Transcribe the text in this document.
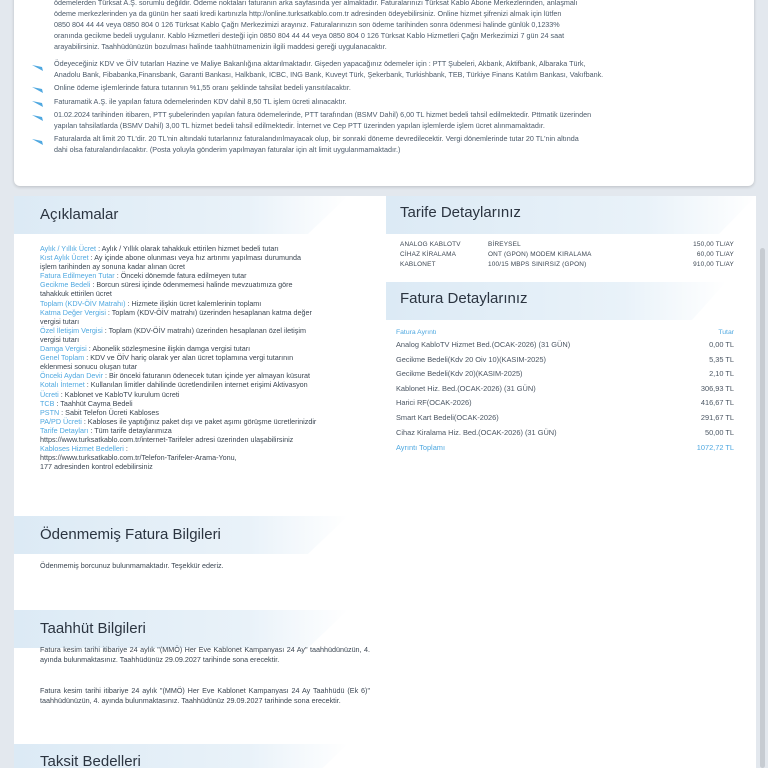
ödemelerden Türksat A.Ş. sorumlu değildir. Ödeme noktaları faturanın arka sayfasında yer almaktadır. Faturalarınızı Türksat Kablo Abone Merkezlerinden, anlaşmalı

ödeme merkezlerinden ya da günün her saati kredi kartınızla http://online.turksatkablo.com.tr adresinden ödeyebilirsiniz. Online hizmet şifrenizi almak için lütfen

0850 804 44 44 veya 0850 804 0 126 Türksat Kablo Çağrı Merkezimizi arayınız. Faturalarınızın son ödeme tarihinden sonra ödenmesi halinde günlük 0,1233%

oranında gecikme bedeli uygulanır. Kablo Hizmetleri desteği için 0850 804 44 44 veya 0850 804 0 126 Türksat Kablo Hizmetleri Çağrı Merkezimizi 7 gün 24 saat

arayabilirsiniz. Taahhüdünüzün bozulması halinde taahhütnamenizin ilgili maddesi gereği uygulanacaktır.

Ödeyeceğiniz KDV ve ÖİV tutarları Hazine ve Maliye Bakanlığına aktarılmaktadır. Gişeden yapacağınız ödemeler için : PTT Şubeleri, Akbank, Aktifbank, Albaraka Türk,

Anadolu Bank, Fibabanka,Finansbank, Garanti Bankası, Halkbank, ICBC, ING Bank, Kuveyt Türk, Şekerbank, Turkishbank, TEB, Türkiye Finans Katılım Bankası, Vakıfbank.

Online ödeme işlemlerinde fatura tutarının %1,55 oranı şeklinde tahsilat bedeli yansıtılacaktır.

Faturamatik A.Ş. ile yapılan fatura ödemelerinden KDV dahil 8,50 TL işlem ücreti alınacaktır.

01.02.2024 tarihinden itibaren, PTT şubelerinden yapılan fatura ödemelerinde, PTT tarafından (BSMV Dahil) 6,00 TL hizmet bedeli tahsil edilmektedir. Pttmatik üzerinden

yapılan tahsilatlarda (BSMV Dahil) 3,00 TL hizmet bedeli tahsil edilmektedir. İnternet ve Cep PTT üzerinden yapılan işlemlerde işlem ücret alınmamaktadır.

Faturalarda alt limit 20 TL'dir. 20 TL'nin altındaki tutarlarınız faturalandırılmayacak olup, bir sonraki döneme devredilecektir. Vergi dönemlerinde tutar 20 TL'nin altında

dahi olsa faturalandırılacaktır. (Posta yoluyla gönderim yapılmayan faturalar için alt limit uygulanmamaktadır.)

Açıklamalar
Aylık / Yıllık Ücret : Aylık / Yıllık olarak tahakkuk ettirilen hizmet bedeli tutarı
Kıst Aylık Ücret : Ay içinde abone olunması veya hız artırımı yapılması durumunda
işlem tarihinden ay sonuna kadar alınan ücret
Fatura Edilmeyen Tutar : Önceki dönemde fatura edilmeyen tutar
Gecikme Bedeli : Borcun süresi içinde ödenmemesi halinde mevzuatımıza göre
tahakkuk ettirilen ücret
Toplam (KDV-ÖİV Matrahı) : Hizmete ilişkin ücret kalemlerinin toplamı
Katma Değer Vergisi : Toplam (KDV-ÖİV matrahı) üzerinden hesaplanan katma değer
vergisi tutarı
Özel İletişim Vergisi : Toplam (KDV-ÖİV matrahı) üzerinden hesaplanan özel iletişim
vergisi tutarı
Damga Vergisi : Abonelik sözleşmesine ilişkin damga vergisi tutarı
Genel Toplam : KDV ve ÖİV hariç olarak yer alan ücret toplamına vergi tutarının
eklenmesi sonucu oluşan tutar
Önceki Aydan Devir : Bir önceki faturanın ödenecek tutarı içinde yer almayan küsurat
Kotalı İnternet : Kullanılan limitler dahilinde ücretlendirilen internet erişimi Aktivasyon
Ücreti : Kablonet ve KabloTV kurulum ücreti
TCB : Taahhüt Cayma Bedeli
PSTN : Sabit Telefon Ücreti Kabloses
PA/PD Ücreti : Kabloses ile yaptığınız paket dışı ve paket aşımı görüşme ücretlerinizdir
Tarife Detayları : Tüm tarife detaylarımıza
https://www.turksatkablo.com.tr/internet-Tarifeler adresi üzerinden ulaşabilirsiniz
Kabloses Hizmet Bedelleri :
https://www.turksatkablo.com.tr/Telefon-Tarifeler-Arama-Yonu,
177 adresinden kontrol edebilirsiniz
Ödenmemiş Fatura Bilgileri
Ödenmemiş borcunuz bulunmamaktadır. Teşekkür ederiz.
Taahhüt Bilgileri
Fatura kesim tarihi itibariye 24 aylık "(MMÖ) Her Eve Kablonet Kampanyası 24 Ay" taahhüdünüzün, 4. ayında bulunmaktasınız. Taahhüdünüz 29.09.2027 tarihinde sona erecektir.
Fatura kesim tarihi itibariye 24 aylık "(MMÖ) Her Eve Kablonet Kampanyası 24 Ay Taahhüdü (Ek 6)" taahhüdünüzün, 4. ayında bulunmaktasınız. Taahhüdünüz 29.09.2027 tarihinde sona erecektir.
Taksit Bedelleri
Tarife Detaylarınız
ANALOG KABLOTV	BİREYSEL	150,00 TL/AY
CİHAZ KİRALAMA	ONT (GPON) MODEM KIRALAMA	60,00 TL/AY
KABLONET	100/15 MBPS SINIRSIZ (GPON)	910,00 TL/AY
Fatura Detaylarınız
Fatura Ayrıntı	Tutar
Analog KabloTV Hizmet Bed.(OCAK-2026) (31 GÜN)	0,00 TL
Gecikme Bedeli(Kdv 20 Oiv 10)(KASIM-2025)	5,35 TL
Gecikme Bedeli(Kdv 20)(KASIM-2025)	2,10 TL
Kablonet Hiz. Bed.(OCAK-2026) (31 GÜN)	306,93 TL
Harici RF(OCAK-2026)	416,67 TL
Smart Kart Bedeli(OCAK-2026)	291,67 TL
Cihaz Kiralama Hiz. Bed.(OCAK-2026) (31 GÜN)	50,00 TL
Ayrıntı Toplamı	1072,72 TL
